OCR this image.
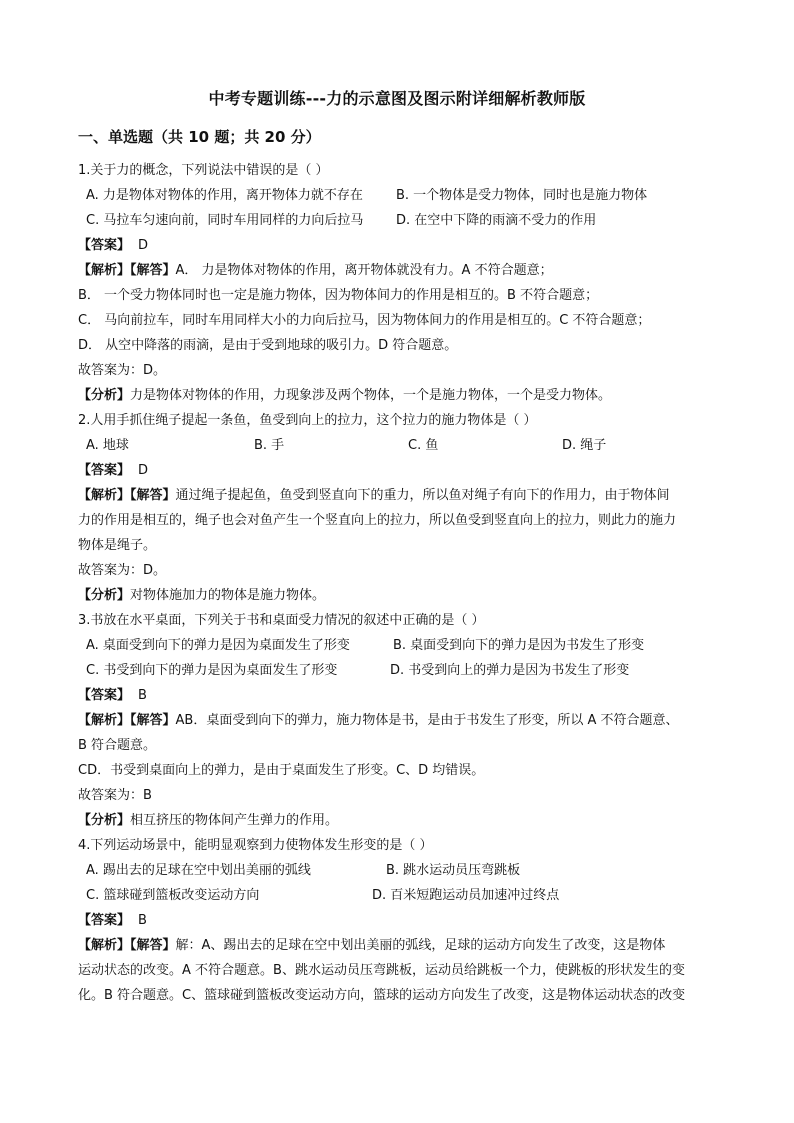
中考专题训练---力的示意图及图示附详细解析教师版
一、单选题（共 10 题；共 20 分）
1.关于力的概念，下列说法中错误的是（ ）
A. 力是物体对物体的作用，离开物体力就不存在	B. 一个物体是受力物体，同时也是施力物体
C. 马拉车匀速向前，同时车用同样的力向后拉马	D. 在空中下降的雨滴不受力的作用
【答案】 D
【解析】【解答】A． 力是物体对物体的作用，离开物体就没有力。A 不符合题意；
B． 一个受力物体同时也一定是施力物体，因为物体间力的作用是相互的。B 不符合题意；
C． 马向前拉车，同时车用同样大小的力向后拉马，因为物体间力的作用是相互的。C 不符合题意；
D． 从空中降落的雨滴，是由于受到地球的吸引力。D 符合题意。
故答案为：D。
【分析】力是物体对物体的作用，力现象涉及两个物体，一个是施力物体，一个是受力物体。
2.人用手抓住绳子提起一条鱼，鱼受到向上的拉力，这个拉力的施力物体是（ ）
A. 地球	B. 手	C. 鱼	D. 绳子
【答案】 D
【解析】【解答】通过绳子提起鱼，鱼受到竖直向下的重力，所以鱼对绳子有向下的作用力，由于物体间
力的作用是相互的，绳子也会对鱼产生一个竖直向上的拉力，所以鱼受到竖直向上的拉力，则此力的施力
物体是绳子。
故答案为：D。
【分析】对物体施加力的物体是施力物体。
3.书放在水平桌面，下列关于书和桌面受力情况的叙述中正确的是（ ）
A. 桌面受到向下的弹力是因为桌面发生了形变	B. 桌面受到向下的弹力是因为书发生了形变
C. 书受到向下的弹力是因为桌面发生了形变	D. 书受到向上的弹力是因为书发生了形变
【答案】 B
【解析】【解答】AB．桌面受到向下的弹力，施力物体是书，是由于书发生了形变，所以 A 不符合题意、
B 符合题意。
CD．书受到桌面向上的弹力，是由于桌面发生了形变。C、D 均错误。
故答案为：B
【分析】相互挤压的物体间产生弹力的作用。
4.下列运动场景中，能明显观察到力使物体发生形变的是（ ）
A. 踢出去的足球在空中划出美丽的弧线	B. 跳水运动员压弯跳板
C. 篮球碰到篮板改变运动方向	D. 百米短跑运动员加速冲过终点
【答案】 B
【解析】【解答】解：A、踢出去的足球在空中划出美丽的弧线，足球的运动方向发生了改变，这是物体
运动状态的改变。A 不符合题意。B、跳水运动员压弯跳板，运动员给跳板一个力，使跳板的形状发生的变
化。B 符合题意。C、篮球碰到篮板改变运动方向，篮球的运动方向发生了改变，这是物体运动状态的改变
